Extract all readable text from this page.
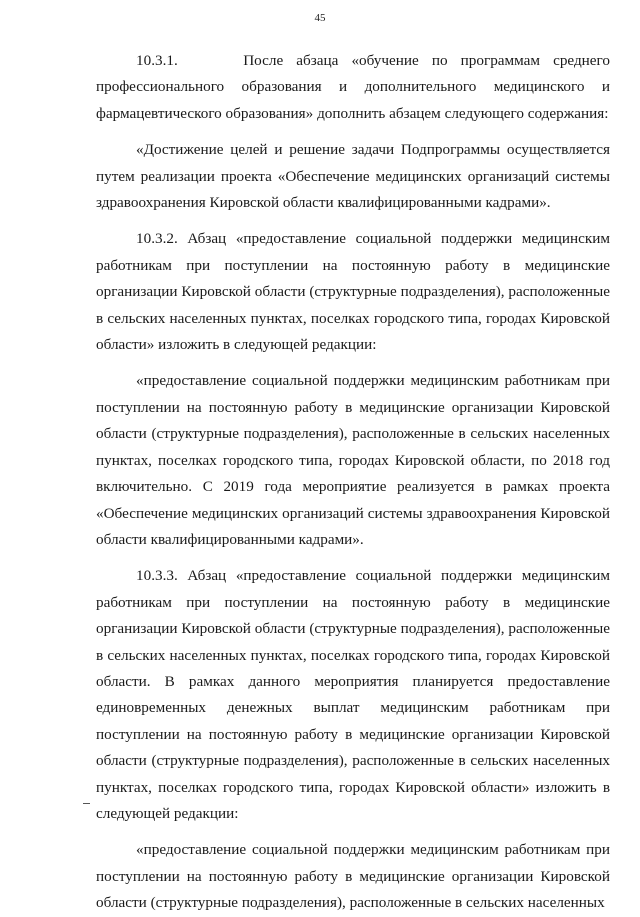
45

10.3.1.     После абзаца «обучение по программам среднего профессионального образования и дополнительного медицинского и фармацевтического образования» дополнить абзацем следующего содержания:

«Достижение целей и решение задачи Подпрограммы осуществляется путем реализации проекта «Обеспечение медицинских организаций системы здравоохранения Кировской области квалифицированными кадрами».

10.3.2. Абзац «предоставление социальной поддержки медицинским работникам при поступлении на постоянную работу в медицинские организации Кировской области (структурные подразделения), расположенные в сельских населенных пунктах, поселках городского типа, городах Кировской области» изложить в следующей редакции:

«предоставление социальной поддержки медицинским работникам при поступлении на постоянную работу в медицинские организации Кировской области (структурные подразделения), расположенные в сельских населенных пунктах, поселках городского типа, городах Кировской области, по 2018 год включительно. С 2019 года мероприятие реализуется в рамках проекта «Обеспечение медицинских организаций системы здравоохранения Кировской области квалифицированными кадрами».

10.3.3. Абзац «предоставление социальной поддержки медицинским работникам при поступлении на постоянную работу в медицинские организации Кировской области (структурные подразделения), расположенные в сельских населенных пунктах, поселках городского типа, городах Кировской области. В рамках данного мероприятия планируется предоставление единовременных денежных выплат медицинским работникам при поступлении на постоянную работу в медицинские организации Кировской области (структурные подразделения), расположенные в сельских населенных пунктах, поселках городского типа, городах Кировской области» изложить в следующей редакции:

«предоставление социальной поддержки медицинским работникам при поступлении на постоянную работу в медицинские организации Кировской области (структурные подразделения), расположенные в сельских населенных
